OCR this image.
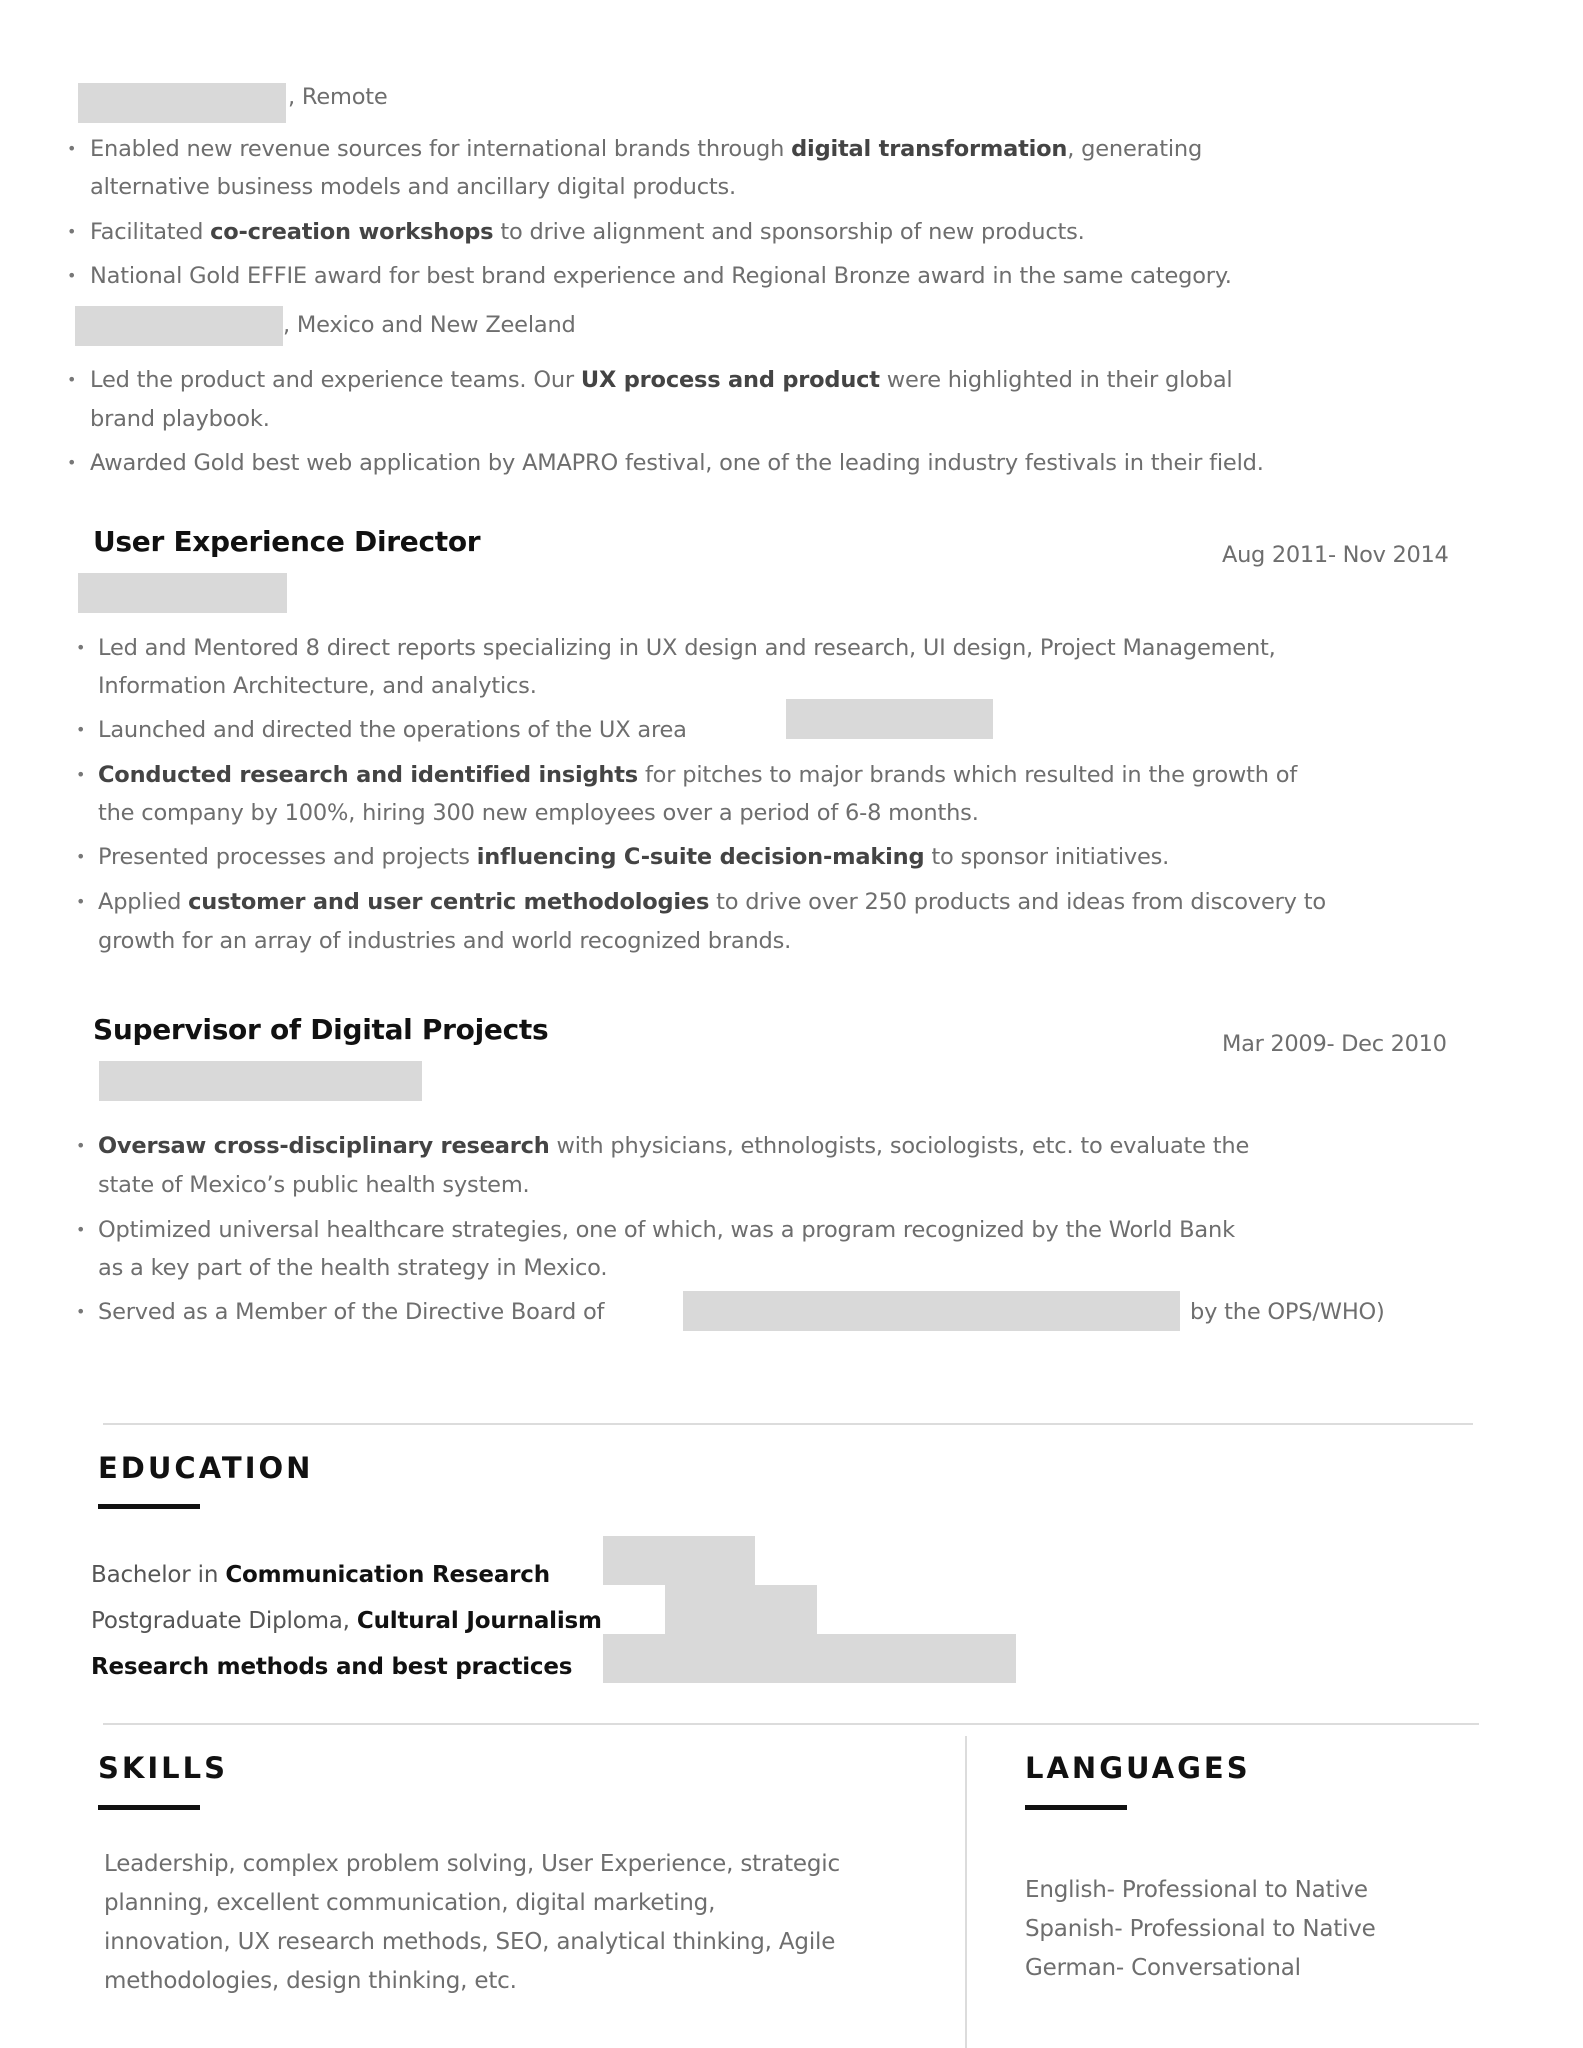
, Remote
• Enabled new revenue sources for international brands through digital transformation, generating
alternative business models and ancillary digital products.
• Facilitated co-creation workshops to drive alignment and sponsorship of new products.
• National Gold EFFIE award for best brand experience and Regional Bronze award in the same category.
, Mexico and New Zeeland
• Led the product and experience teams. Our UX process and product were highlighted in their global
brand playbook.
• Awarded Gold best web application by AMAPRO festival, one of the leading industry festivals in their field.
User Experience Director	Aug 2011- Nov 2014
• Led and Mentored 8 direct reports specializing in UX design and research, UI design, Project Management,
Information Architecture, and analytics.
• Launched and directed the operations of the UX area
• Conducted research and identified insights for pitches to major brands which resulted in the growth of
the company by 100%, hiring 300 new employees over a period of 6-8 months.
• Presented processes and projects influencing C-suite decision-making to sponsor initiatives.
• Applied customer and user centric methodologies to drive over 250 products and ideas from discovery to
growth for an array of industries and world recognized brands.
Supervisor of Digital Projects	Mar 2009- Dec 2010
• Oversaw cross-disciplinary research with physicians, ethnologists, sociologists, etc. to evaluate the
state of Mexico’s public health system.
• Optimized universal healthcare strategies, one of which, was a program recognized by the World Bank
as a key part of the health strategy in Mexico.
• Served as a Member of the Directive Board of	by the OPS/WHO)
EDUCATION
Bachelor in Communication Research
Postgraduate Diploma, Cultural Journalism
Research methods and best practices
SKILLS
Leadership, complex problem solving, User Experience, strategic
planning, excellent communication, digital marketing,
innovation, UX research methods, SEO, analytical thinking, Agile
methodologies, design thinking, etc.
LANGUAGES
English- Professional to Native
Spanish- Professional to Native
German- Conversational
